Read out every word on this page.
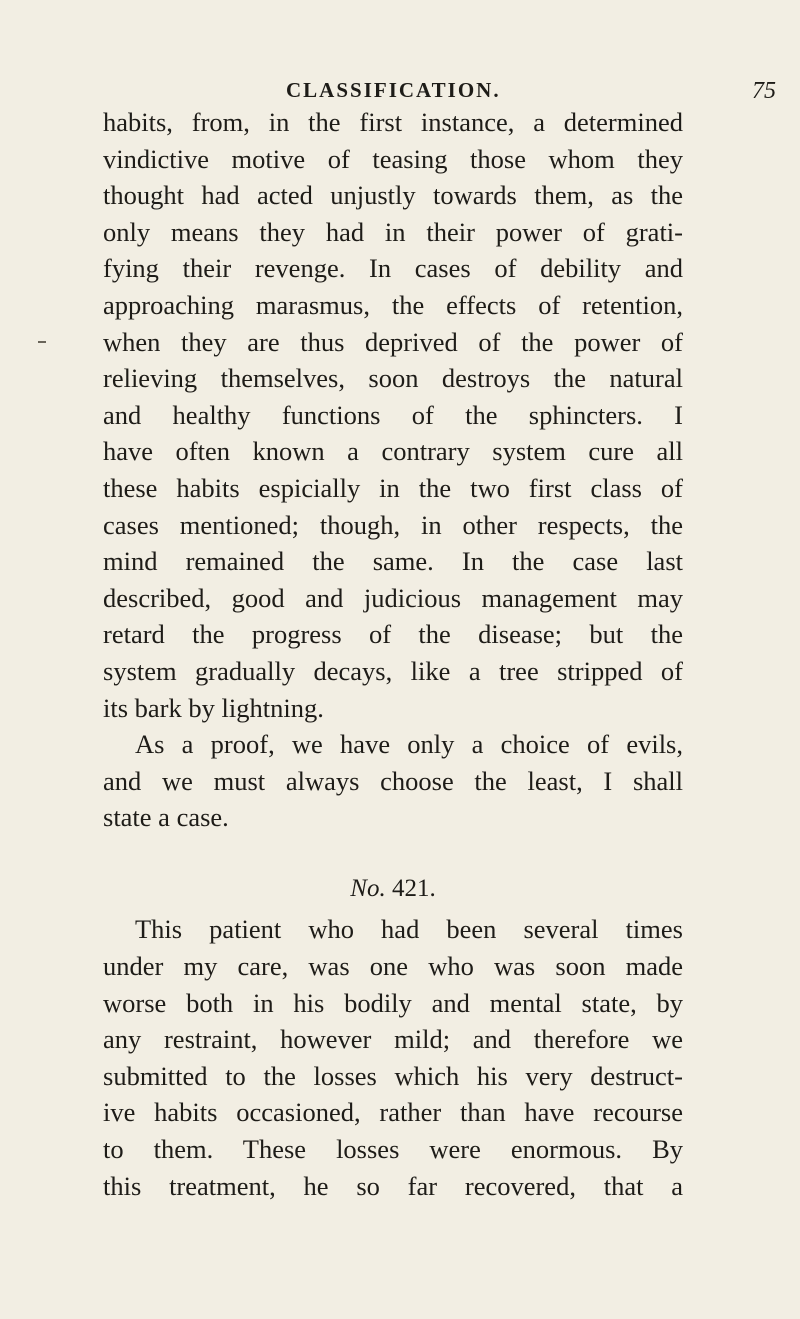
CLASSIFICATION.	75
habits, from, in the first instance, a determined
vindictive motive of teasing those whom they
thought had acted unjustly towards them, as the
only means they had in their power of grati-
fying their revenge. In cases of debility and
approaching marasmus, the effects of retention,
when they are thus deprived of the power of
relieving themselves, soon destroys the natural
and healthy functions of the sphincters. I
have often known a contrary system cure all
these habits espicially in the two first class of
cases mentioned; though, in other respects, the
mind remained the same. In the case last
described, good and judicious management may
retard the progress of the disease; but the
system gradually decays, like a tree stripped of
its bark by lightning.
As a proof, we have only a choice of evils,
and we must always choose the least, I shall
state a case.
No. 421.
This patient who had been several times
under my care, was one who was soon made
worse both in his bodily and mental state, by
any restraint, however mild; and therefore we
submitted to the losses which his very destruct-
ive habits occasioned, rather than have recourse
to them. These losses were enormous. By
this treatment, he so far recovered, that a
